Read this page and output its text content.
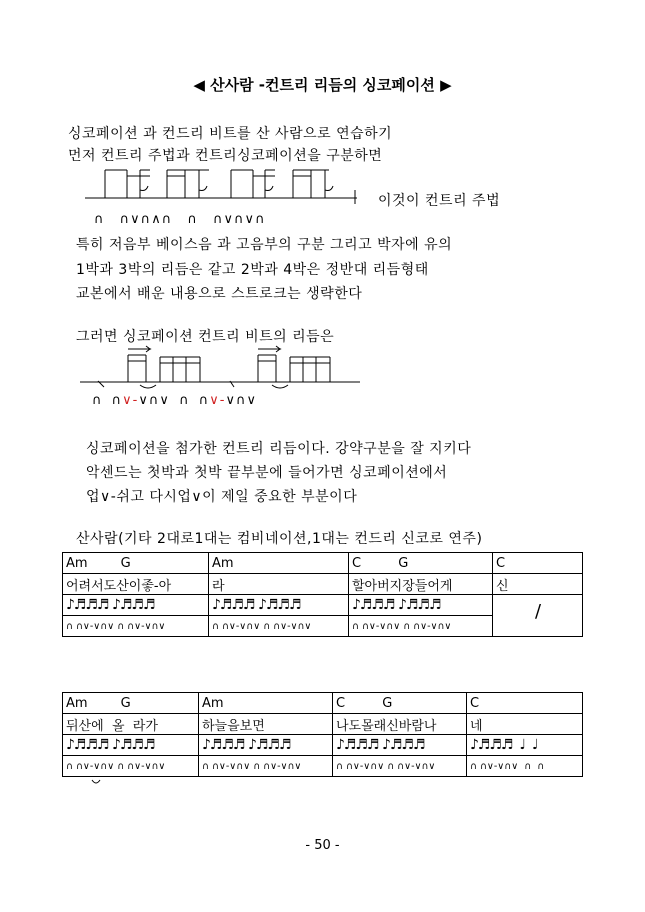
◀ 산사람 -컨트리 리듬의 싱코페이션 ▶
싱코페이션 과 컨드리 비트를 산 사람으로 연습하기
먼저 컨트리 주법과 컨트리싱코페이션을 구분하면
이것이 컨트리 주법
∩ ∩∨∩∧∩ ∩ ∩∨∩∨∩
특히 저음부 베이스음 과 고음부의 구분 그리고 박자에 유의
1박과 3박의 리듬은 같고 2박과 4박은 정반대 리듬형태
교본에서 배운 내용으로 스트로크는 생략한다
그러면 싱코페이션 컨트리 비트의 리듬은
∩ ∩∨-∨∩∨ ∩ ∩∨-∨∩∨
싱코페이션을 첨가한 컨트리 리듬이다. 강약구분을 잘 지키다
악센드는 첫박과 첫박 끝부분에 들어가면 싱코페이션에서
업∨-쉬고 다시업∨이 제일 중요한 부분이다
산사람(기타 2대로1대는 컴비네이션,1대는 컨드리 신코로 연주)
Am        G	Am	C         G	C
어려서도산이좋-아	라	할아버지장들어게	신
♪♬♬♬ ♪♬♬♬	♪♬♬♬ ♪♬♬♬	♪♬♬♬ ♪♬♬♬	/

∩ ∩∨-∨∩∨ ∩ ∩∨-∨∩∨	∩ ∩∨-∨∩∨ ∩ ∩∨-∨∩∨	∩ ∩∨-∨∩∨ ∩ ∩∨-∨∩∨	
Am        G	Am	C         G	C
뒤산에  올  라가	하늘을보면	나도몰래신바람나	네
♪♬♬♬ ♪♬♬♬	♪♬♬♬ ♪♬♬♬	♪♬♬♬ ♪♬♬♬	♪♬♬♬  ♩  ♩
∩ ∩∨-∨∩∨ ∩ ∩∨-∨∩∨	∩ ∩∨-∨∩∨ ∩ ∩∨-∨∩∨	∩ ∩∨-∨∩∨ ∩ ∩∨-∨∩∨	∩ ∩∨-∨∩∨  ∩  ∩
- 50 -
